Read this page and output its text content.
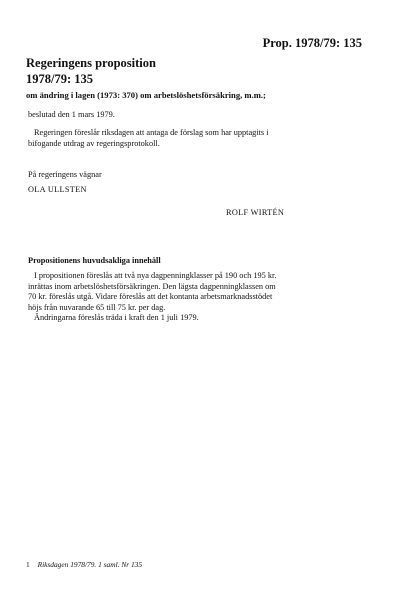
Prop. 1978/79: 135
Regeringens proposition
1978/79: 135
om ändring i lagen (1973: 370) om arbetslöshetsförsäkring, m.m.;
beslutad den 1 mars 1979.

Regeringen föreslår riksdagen att antaga de förslag som har upptagits i

bifogande utdrag av regeringsprotokoll.

På regeringens vägnar
OLA ULLSTEN
ROLF WIRTÉN
Propositionens huvudsakliga innehåll

I propositionen föreslås att två nya dagpenningklasser på 190 och 195 kr.

inrättas inom arbetslöshetsförsäkringen. Den lägsta dagpenningklassen om

70 kr. föreslås utgå. Vidare föreslås att det kontanta arbetsmarknadsstödet

höjs från nuvarande 65 till 75 kr. per dag.

Ändringarna föreslås träda i kraft den 1 juli 1979.

1 Riksdagen 1978/79. 1 saml. Nr 135
